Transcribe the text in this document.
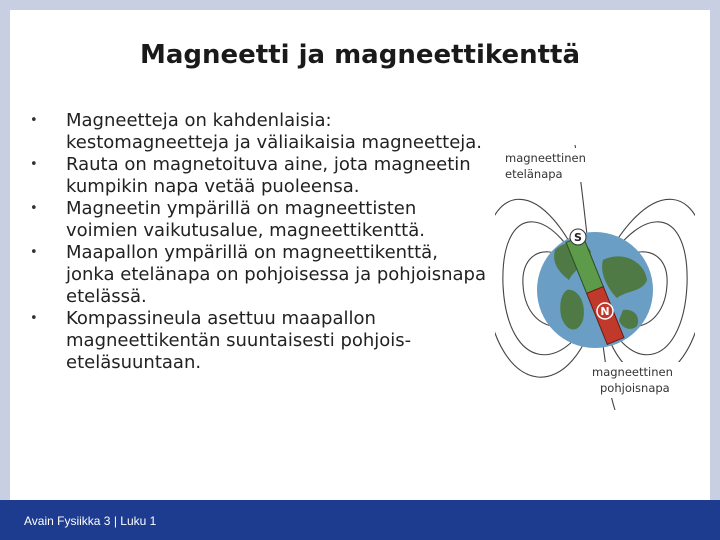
Magneetti ja magneettikenttä
•	Magneetteja on kahdenlaisia: kestomagneetteja ja väliaikaisia magneetteja.
•	Rauta on magnetoituva aine, jota magneetin kumpikin napa vetää puoleensa.
•	Magneetin ympärillä on magneettisten voimien vaikutusalue, magneettikenttä.
•	Maapallon ympärillä on magneettikenttä, jonka etelänapa on pohjoisessa ja pohjoisnapa etelässä.
•	Kompassineula asettuu maapallon magneettikentän suuntaisesti pohjois-eteläsuuntaan.
S
N
magneettinen
etelänapa
magneettinen
pohjoisnapa
Avain Fysiikka 3 | Luku 1
